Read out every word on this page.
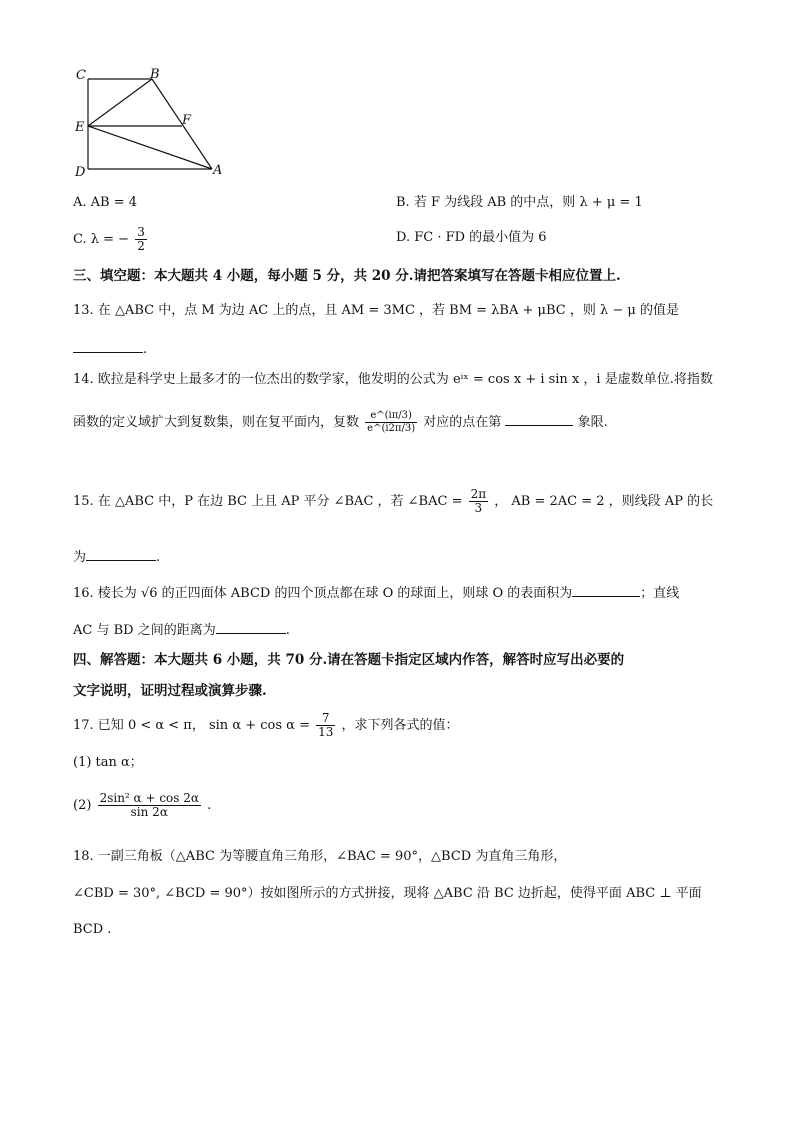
C	B
E	F
D	A
A. AB = 4	B. 若 F 为线段 AB 的中点，则 λ + μ = 1
C. λ = − $\frac{3}{2}$	D. FC · FD 的最小值为 6
三、填空题：本大题共 4 小题，每小题 5 分，共 20 分.请把答案填写在答题卡相应位置上.
13. 在 △ABC 中，点 M 为边 AC 上的点，且 AM = 3MC ，若 BM = λBA + μBC ，则 λ − μ 的值是
.
14. 欧拉是科学史上最多才的一位杰出的数学家，他发明的公式为 eⁱˣ = cos x + i sin x ，i 是虚数单位.将指数
函数的定义域扩大到复数集，则在复平面内，复数 $\frac{e\^{}(i\pi/3)}{e\^{}(i2\pi/3)}$ 对应的点在第	象限.
15. 在 △ABC 中，P 在边 BC 上且 AP 平分 ∠BAC ，若 ∠BAC = $\frac{2\pi}{3}$ ， AB = 2AC = 2 ，则线段 AP 的长
为	.
16. 棱长为 √6 的正四面体 ABCD 的四个顶点都在球 O 的球面上，则球 O 的表面积为	；直线
AC 与 BD 之间的距离为	.
四、解答题：本大题共 6 小题，共 70 分.请在答题卡指定区域内作答，解答时应写出必要的
文字说明，证明过程或演算步骤.
17. 已知 0 < α < π， $\sin \alpha + \cos \alpha = \frac{7}{13}$ ，求下列各式的值：
(1) tan α；
$(2) \frac{\text{2sin² α + cos 2α}}{\sin 2\alpha}$ .
18. 一副三角板（△ABC 为等腰直角三角形，∠BAC = 90°，△BCD 为直角三角形，
∠CBD = 30°, ∠BCD = 90°）按如图所示的方式拼接，现将 △ABC 沿 BC 边折起，使得平面 ABC ⊥ 平面
BCD .
